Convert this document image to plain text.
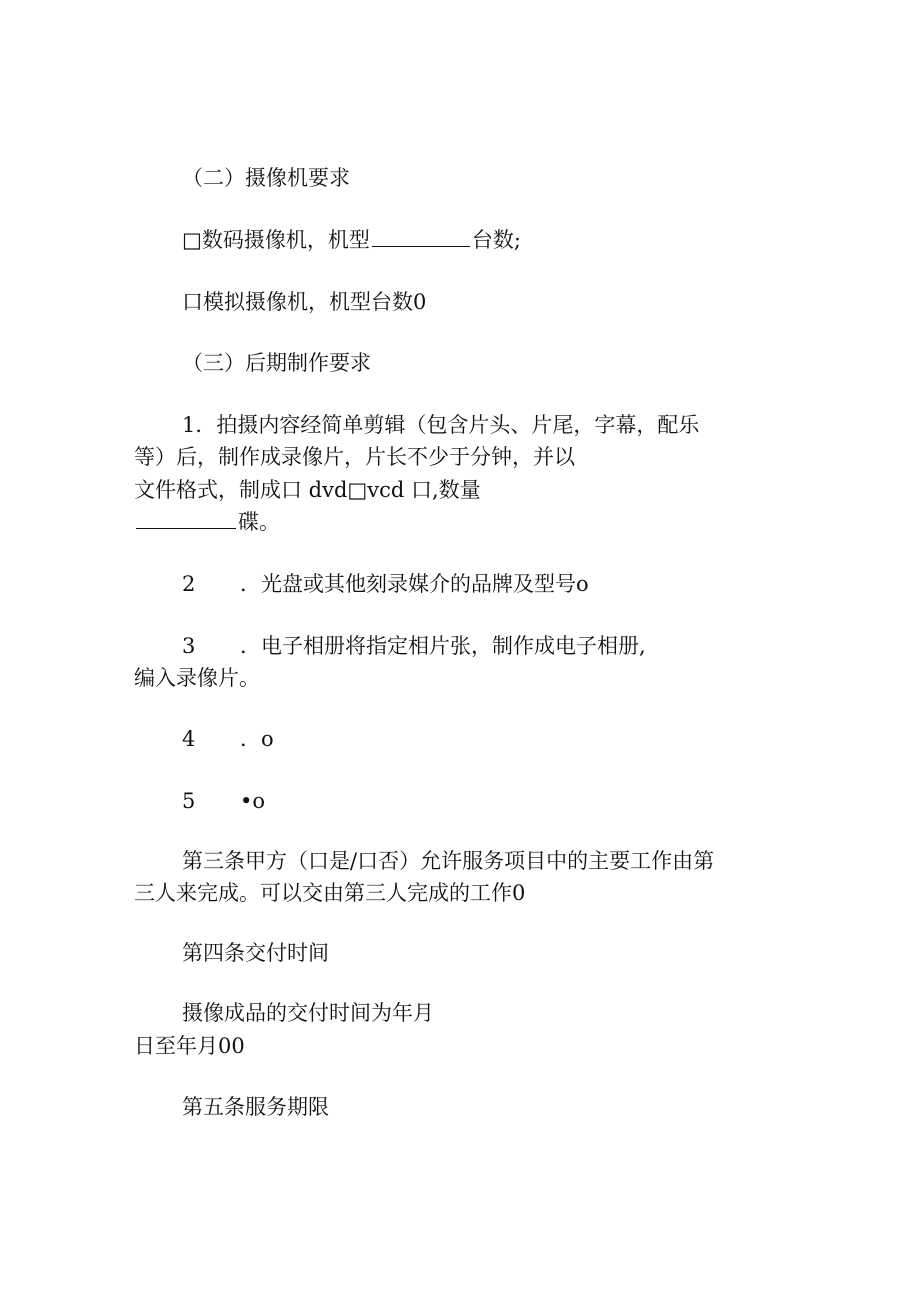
（二）摄像机要求
□数码摄像机，机型	台数;
口模拟摄像机，机型台数0
（三）后期制作要求
1．拍摄内容经简单剪辑（包含片头、片尾，字幕，配乐
等）后，制作成录像片，片长不少于分钟，并以
文件格式，制成口 dvd□vcd 口,数量
碟。
2 ．光盘或其他刻录媒介的品牌及型号o
3 ．电子相册将指定相片张，制作成电子相册,
编入录像片。
4 ．o
5 •o
第三条甲方（口是/口否）允许服务项目中的主要工作由第
三人来完成。可以交由第三人完成的工作0
第四条交付时间
摄像成品的交付时间为年月
日至年月00
第五条服务期限
